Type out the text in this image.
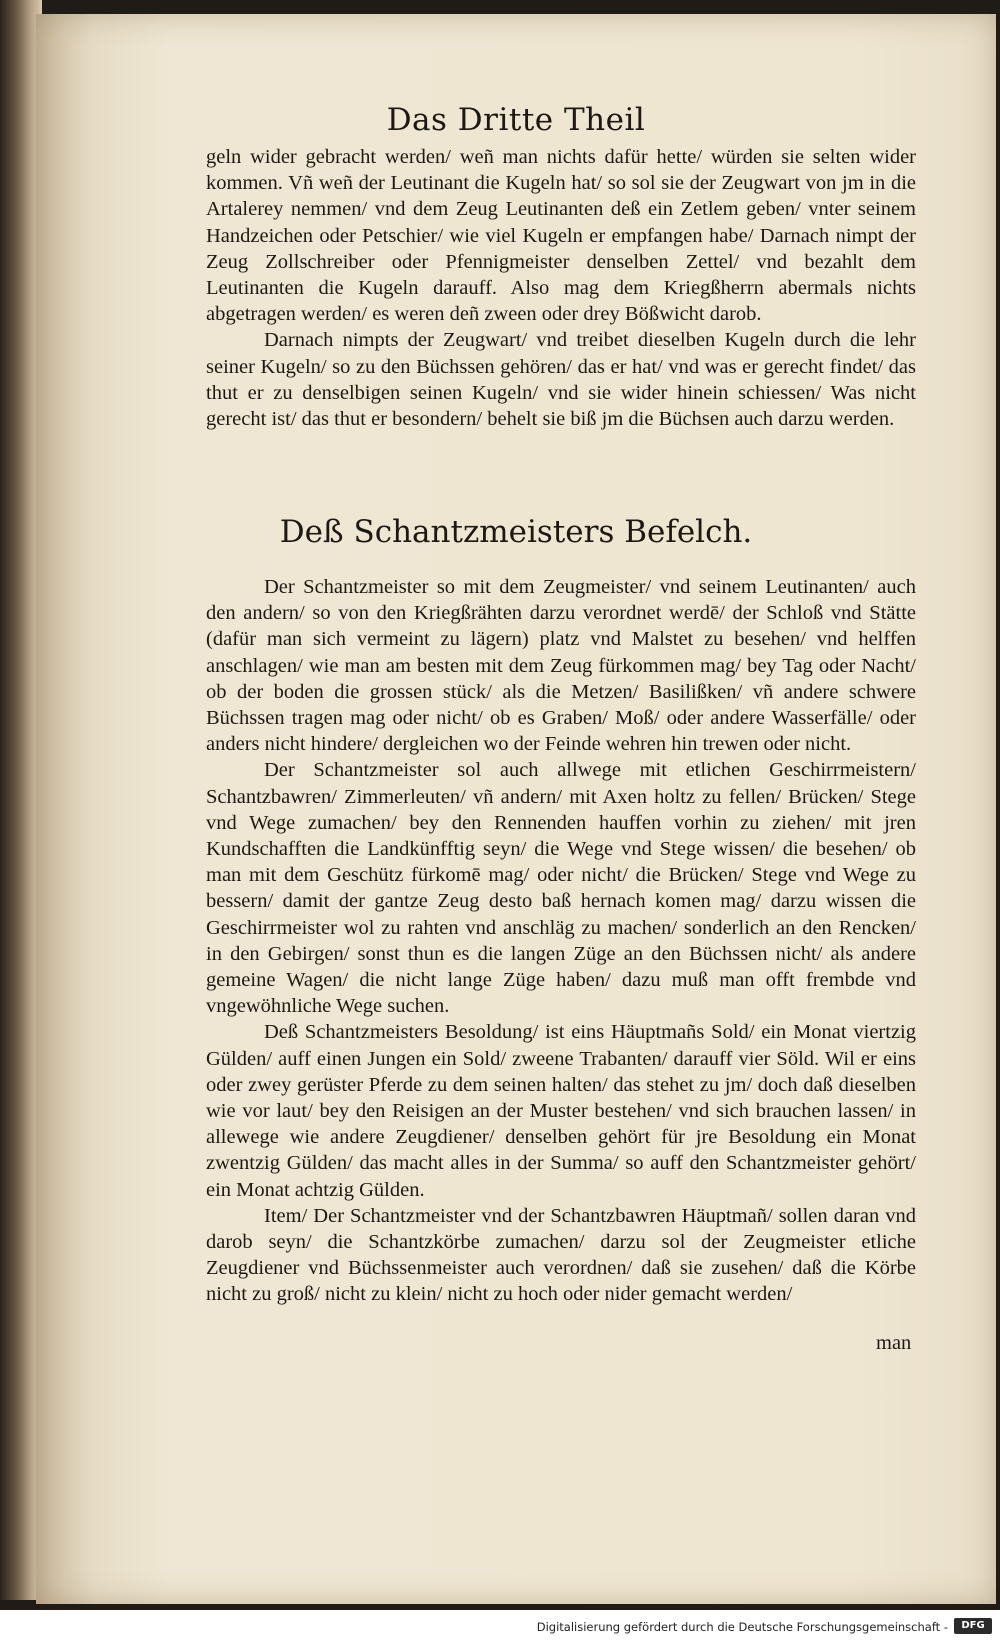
Das Dritte Theil

geln wider gebracht werden/ weñ man nichts dafür hette/ würden sie selten wider kommen. Vñ weñ der Leutinant die Kugeln hat/ so sol sie der Zeugwart von jm in die Artalerey nemmen/ vnd dem Zeug Leutinanten deß ein Zetlem geben/ vnter seinem Handzeichen oder Petschier/ wie viel Kugeln er empfangen habe/ Darnach nimpt der Zeug Zollschreiber oder Pfennigmeister denselben Zettel/ vnd bezahlt dem Leutinanten die Kugeln darauff. Also mag dem Kriegßherrn abermals nichts abgetragen werden/ es weren deñ zween oder drey Bößwicht darob.

Darnach nimpts der Zeugwart/ vnd treibet dieselben Kugeln durch die lehr seiner Kugeln/ so zu den Büchssen gehören/ das er hat/ vnd was er gerecht findet/ das thut er zu denselbigen seinen Kugeln/ vnd sie wider hinein schiessen/ Was nicht gerecht ist/ das thut er besondern/ behelt sie biß jm die Büchsen auch darzu werden.

Deß Schantzmeisters Befelch.

Der Schantzmeister so mit dem Zeugmeister/ vnd seinem Leutinanten/ auch den andern/ so von den Kriegßrähten darzu verordnet werdē/ der Schloß vnd Stätte (dafür man sich vermeint zu lägern) platz vnd Malstet zu besehen/ vnd helffen anschlagen/ wie man am besten mit dem Zeug fürkommen mag/ bey Tag oder Nacht/ ob der boden die grossen stück/ als die Metzen/ Basilißken/ vñ andere schwere Büchssen tragen mag oder nicht/ ob es Graben/ Moß/ oder andere Wasserfälle/ oder anders nicht hindere/ dergleichen wo der Feinde wehren hin trewen oder nicht.

Der Schantzmeister sol auch allwege mit etlichen Geschirrmeistern/ Schantzbawren/ Zimmerleuten/ vñ andern/ mit Axen holtz zu fellen/ Brücken/ Stege vnd Wege zumachen/ bey den Rennenden hauffen vorhin zu ziehen/ mit jren Kundschafften die Landkünfftig seyn/ die Wege vnd Stege wissen/ die besehen/ ob man mit dem Geschütz fürkomē mag/ oder nicht/ die Brücken/ Stege vnd Wege zu bessern/ damit der gantze Zeug desto baß hernach komen mag/ darzu wissen die Geschirrmeister wol zu rahten vnd anschläg zu machen/ sonderlich an den Rencken/ in den Gebirgen/ sonst thun es die langen Züge an den Büchssen nicht/ als andere gemeine Wagen/ die nicht lange Züge haben/ dazu muß man offt frembde vnd vngewöhnliche Wege suchen.

Deß Schantzmeisters Besoldung/ ist eins Häuptmañs Sold/ ein Monat viertzig Gülden/ auff einen Jungen ein Sold/ zweene Trabanten/ darauff vier Söld. Wil er eins oder zwey gerüster Pferde zu dem seinen halten/ das stehet zu jm/ doch daß dieselben wie vor laut/ bey den Reisigen an der Muster bestehen/ vnd sich brauchen lassen/ in allewege wie andere Zeugdiener/ denselben gehört für jre Besoldung ein Monat zwentzig Gülden/ das macht alles in der Summa/ so auff den Schantzmeister gehört/ ein Monat achtzig Gülden.

Item/ Der Schantzmeister vnd der Schantzbawren Häuptmañ/ sollen daran vnd darob seyn/ die Schantzkörbe zumachen/ darzu sol der Zeugmeister etliche Zeugdiener vnd Büchssenmeister auch verordnen/ daß sie zusehen/ daß die Körbe nicht zu groß/ nicht zu klein/ nicht zu hoch oder nider gemacht werden/

man
Digitalisierung gefördert durch die Deutsche Forschungsgemeinschaft -	DFG
